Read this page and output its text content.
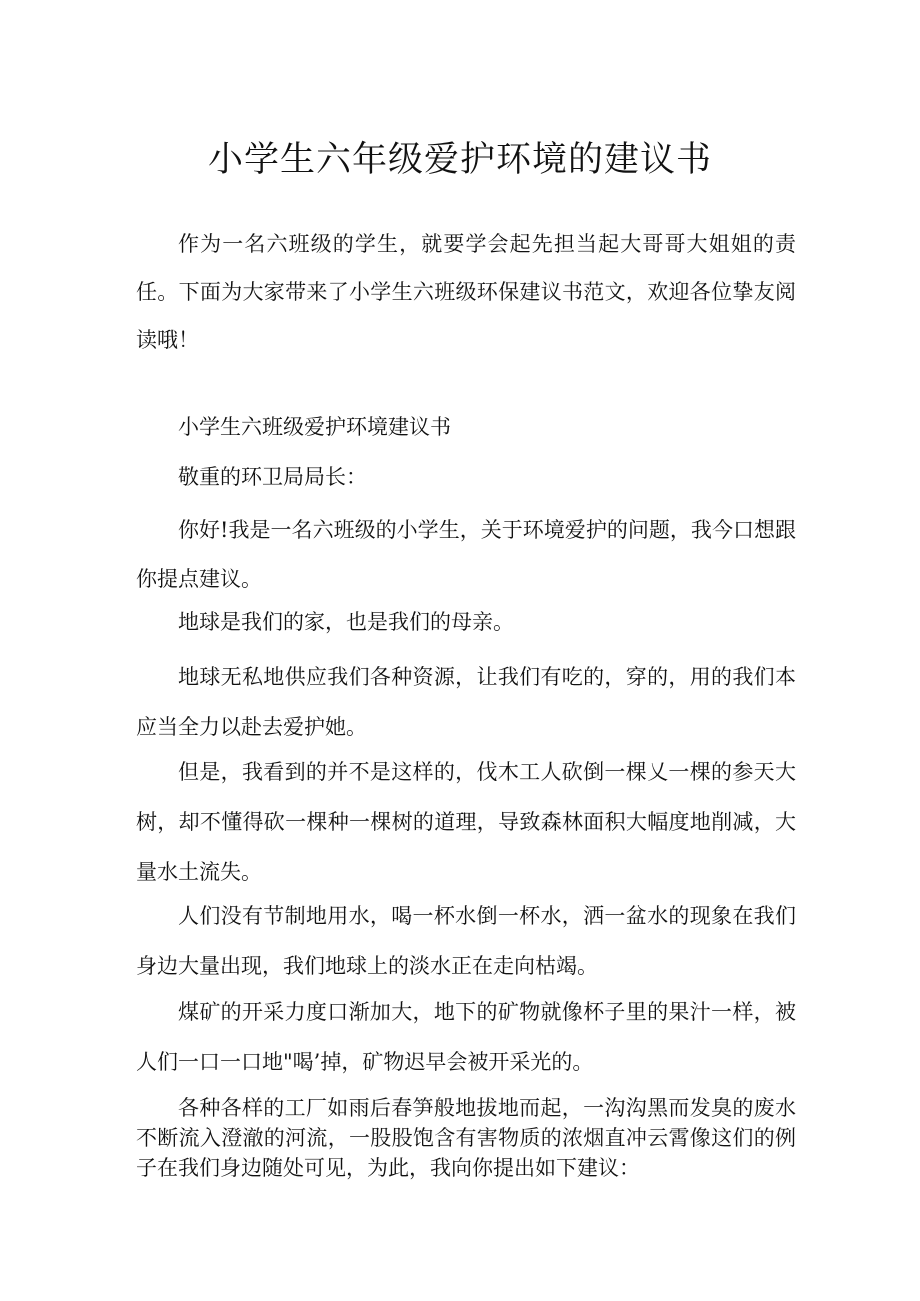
小学生六年级爱护环境的建议书

作为一名六班级的学生，就要学会起先担当起大哥哥大姐姐的责任。下面为大家带来了小学生六班级环保建议书范文，欢迎各位挚友阅读哦！

小学生六班级爱护环境建议书

敬重的环卫局局长：

你好!我是一名六班级的小学生，关于环境爱护的问题，我今口想跟你提点建议。

地球是我们的家，也是我们的母亲。

地球无私地供应我们各种资源，让我们有吃的，穿的，用的我们本应当全力以赴去爱护她。

但是，我看到的并不是这样的，伐木工人砍倒一棵乂一棵的参天大树，却不懂得砍一棵种一棵树的道理，导致森林面积大幅度地削减，大量水土流失。

人们没有节制地用水，喝一杯水倒一杯水，洒一盆水的现象在我们身边大量出现，我们地球上的淡水正在走向枯竭。

煤矿的开采力度口渐加大，地下的矿物就像杯子里的果汁一样，被人们一口一口地"喝’掉，矿物迟早会被开采光的。

各种各样的工厂如雨后春笋般地拔地而起，一沟沟黑而发臭的废水不断流入澄澈的河流，一股股饱含有害物质的浓烟直冲云霄像这们的例子在我们身边随处可见，为此，我向你提出如下建议：
